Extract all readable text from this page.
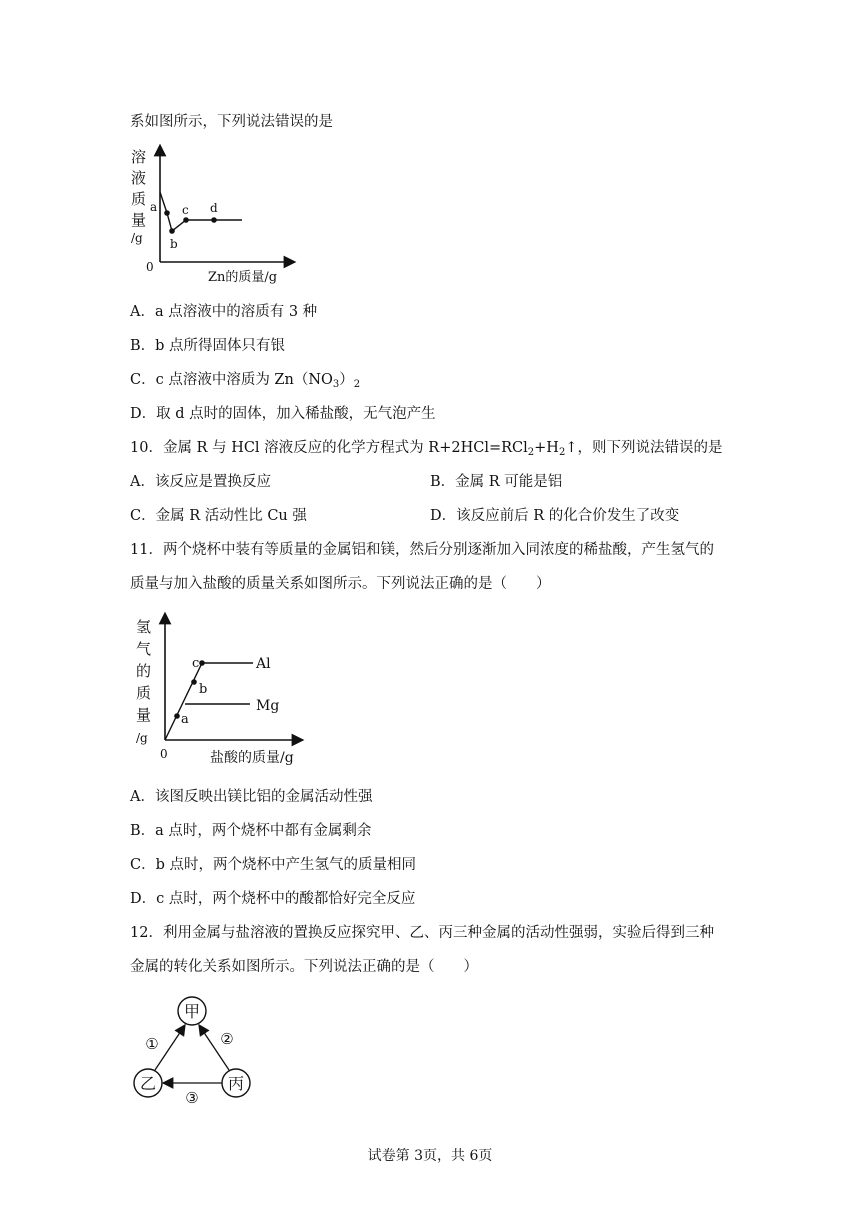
系如图所示，下列说法错误的是
溶
液
质
量
/g
0
Zn的质量/g
a
b
c d
A．a 点溶液中的溶质有 3 种
B．b 点所得固体只有银
C．c 点溶液中溶质为 $Zn(NO_3)_2$
D．取 d 点时的固体，加入稀盐酸，无气泡产生
10．金属 R 与 HCl 溶液反应的化学方程式为 $R+2HCl=RCl_2+H_2↑$，则下列说法错误的是
A．该反应是置换反应	B．金属 R 可能是铝
C．金属 R 活动性比 Cu 强	D．该反应前后 R 的化合价发生了改变
11．两个烧杯中装有等质量的金属铝和镁，然后分别逐渐加入同浓度的稀盐酸，产生氢气的
质量与加入盐酸的质量关系如图所示。下列说法正确的是（　　）
氢
气
的
质
量
/g
0	盐酸的质量/g
a
b
c	Al
Mg
A．该图反映出镁比铝的金属活动性强
B．a 点时，两个烧杯中都有金属剩余
C．b 点时，两个烧杯中产生氢气的质量相同
D．c 点时，两个烧杯中的酸都恰好完全反应
12．利用金属与盐溶液的置换反应探究甲、乙、丙三种金属的活动性强弱，实验后得到三种
金属的转化关系如图所示。下列说法正确的是（　　）
甲
乙	丙
①	②
③
试卷第 3页，共 6页
